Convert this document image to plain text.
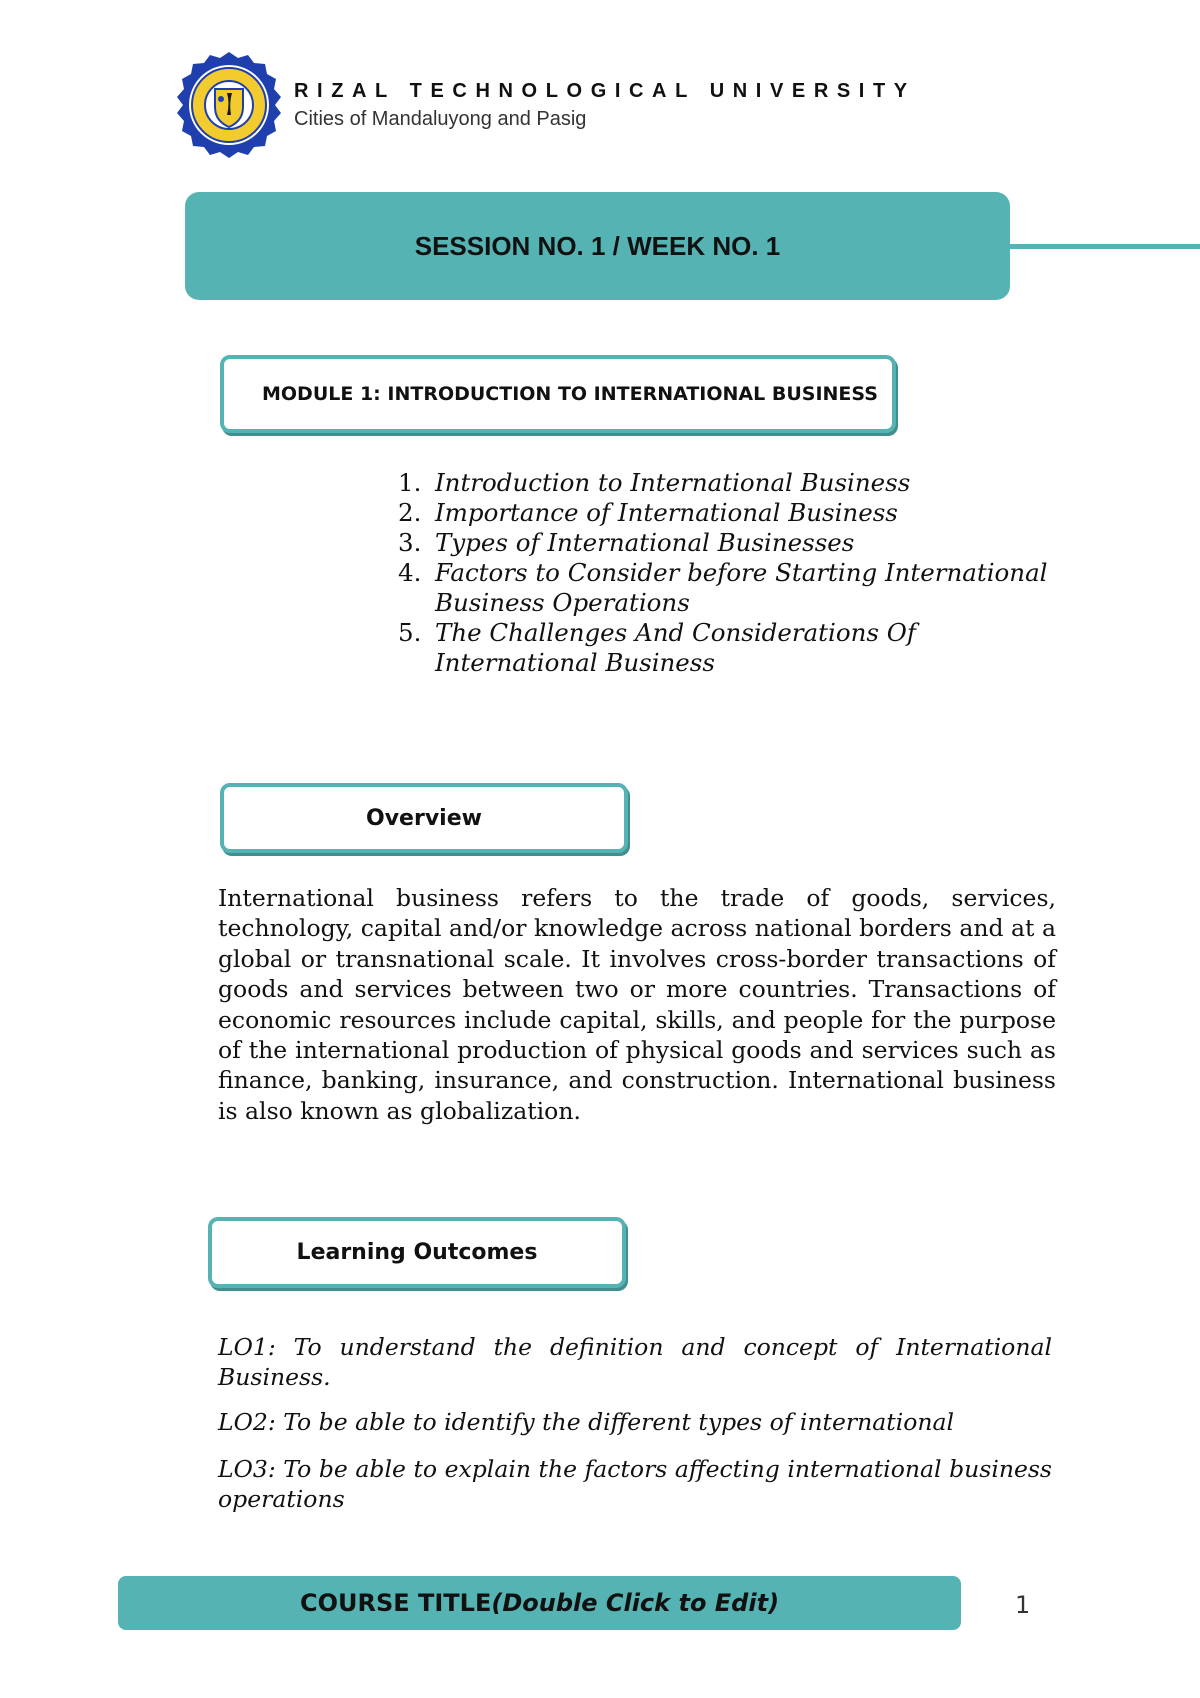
RIZAL TECHNOLOGICAL UNIVERSITY
Cities of Mandaluyong and Pasig
SESSION NO. 1 / WEEK NO. 1
MODULE 1: INTRODUCTION TO INTERNATIONAL BUSINESS
1. Introduction to International Business
2. Importance of International Business
3. Types of International Businesses
4. Factors to Consider before Starting International Business Operations
5. The Challenges And Considerations Of International Business
Overview

International business refers to the trade of goods, services, technology, capital and/or knowledge across national borders and at a global or transnational scale. It involves cross-border transactions of goods and services between two or more countries. Transactions of economic resources include capital, skills, and people for the purpose of the international production of physical goods and services such as finance, banking, insurance, and construction. International business is also known as globalization.

Learning Outcomes

LO1: To understand the definition and concept of International Business.

LO2: To be able to identify the different types of international

LO3: To be able to explain the factors affecting international business operations

COURSE TITLE(Double Click to Edit)	1
